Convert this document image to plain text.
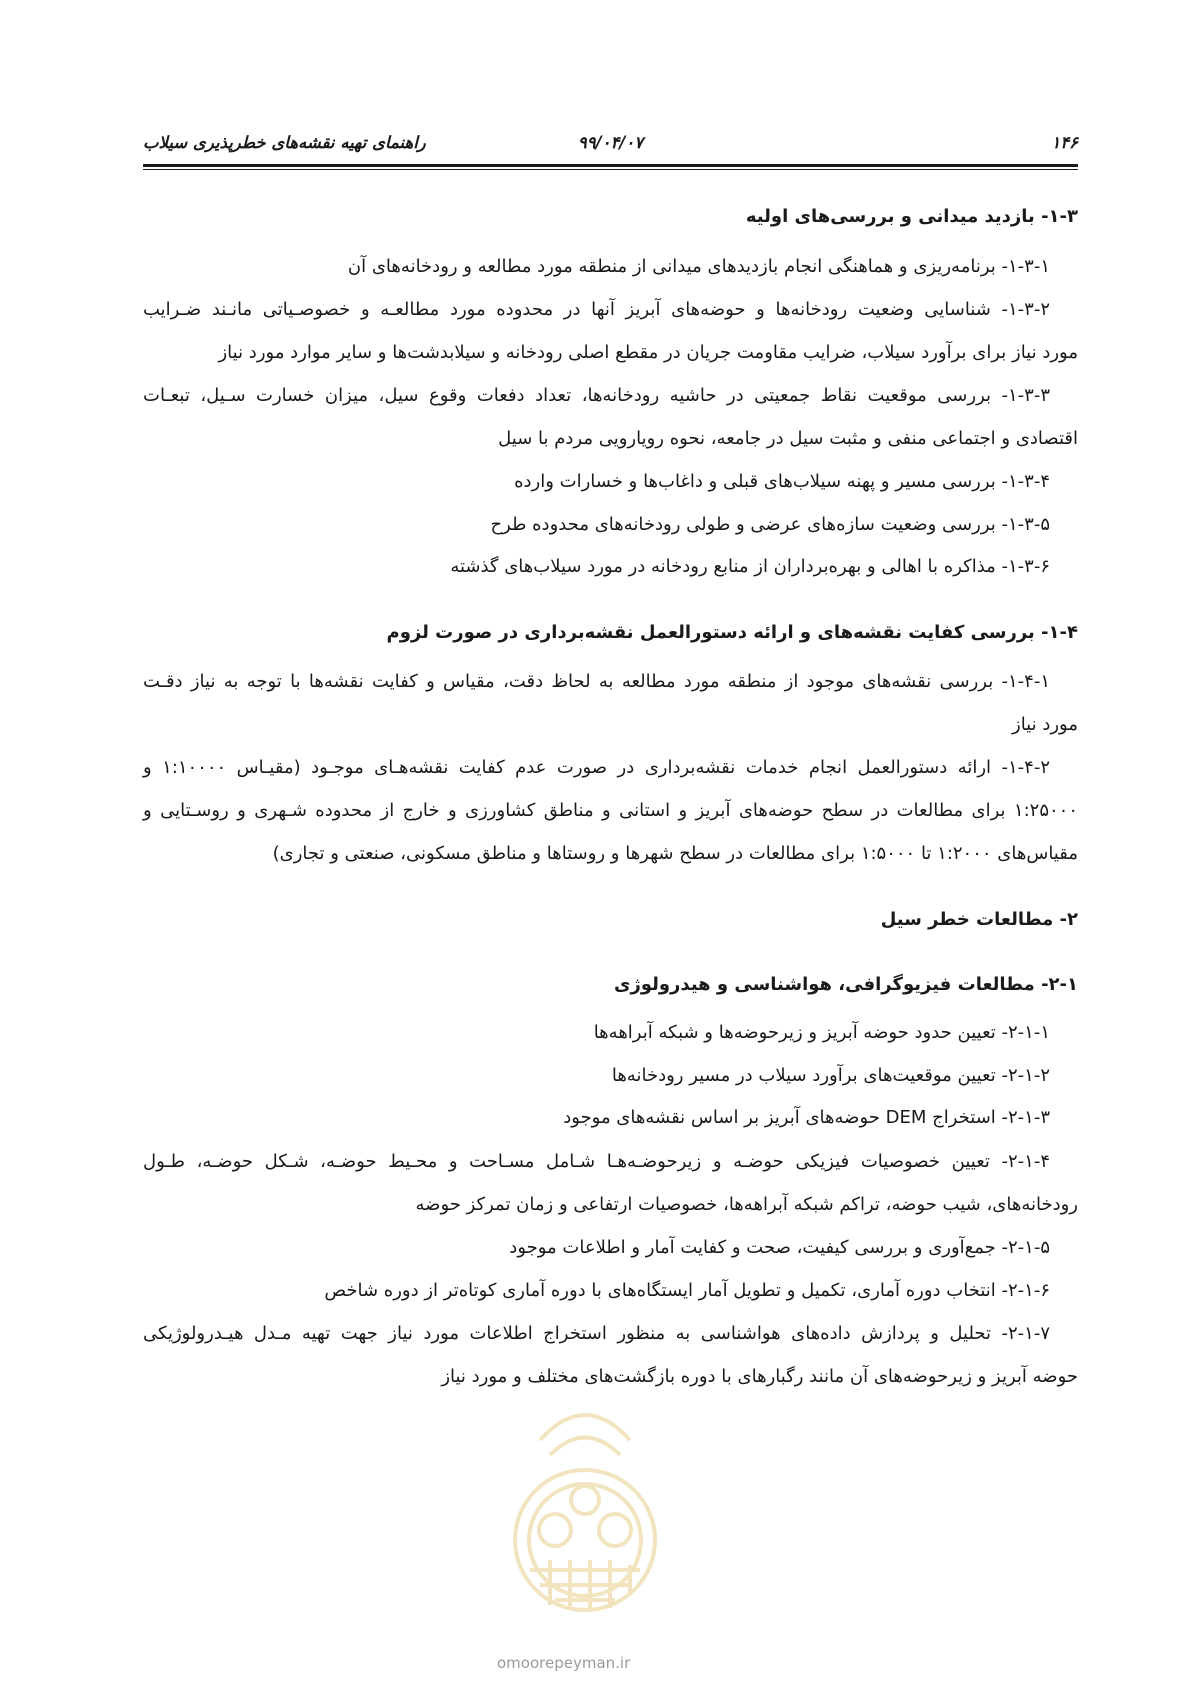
۱۴۶
۹۹/۰۴/۰۷
راهنمای تهیه نقشه‌های خطرپذیری سیلاب
۱-۳- بازدید میدانی و بررسی‌های اولیه
۱-۳-۱- برنامه‌ریزی و هماهنگی انجام بازدیدهای میدانی از منطقه مورد مطالعه و رودخانه‌های آن
۱-۳-۲- شناسایی وضعیت رودخانه‌ها و حوضه‌های آبریز آنها در محدوده مورد مطالعـه و خصوصـیاتی مانـند ضـرایب
مورد نیاز برای برآورد سیلاب، ضرایب مقاومت جریان در مقطع اصلی رودخانه و سیلابدشت‌ها و سایر موارد مورد نیاز
۱-۳-۳- بررسی موقعیت نقاط جمعیتی در حاشیه رودخانه‌ها، تعداد دفعات وقوع سیل، میزان خسارت سـیل، تبعـات
اقتصادی و اجتماعی منفی و مثبت سیل در جامعه، نحوه رویارویی مردم با سیل
۱-۳-۴- بررسی مسیر و پهنه سیلاب‌های قبلی و داغاب‌ها و خسارات وارده
۱-۳-۵- بررسی وضعیت سازه‌های عرضی و طولی رودخانه‌های محدوده طرح
۱-۳-۶- مذاکره با اهالی و بهره‌برداران از منابع رودخانه در مورد سیلاب‌های گذشته
۱-۴- بررسی کفایت نقشه‌های و ارائه دستورالعمل نقشه‌برداری در صورت لزوم
۱-۴-۱- بررسی نقشه‌های موجود از منطقه مورد مطالعه به لحاظ دقت، مقیاس و کفایت نقشه‌ها با توجه به نیاز دقـت
مورد نیاز
۱-۴-۲- ارائه دستورالعمل انجام خدمات نقشه‌برداری در صورت عدم کفایت نقشه‌هـای موجـود (مقیـاس ۱:۱۰۰۰۰ و
۱:۲۵۰۰۰ برای مطالعات در سطح حوضه‌های آبریز و استانی و مناطق کشاورزی و خارج از محدوده شـهری و روسـتایی و
مقیاس‌های ۱:۲۰۰۰ تا ۱:۵۰۰۰ برای مطالعات در سطح شهرها و روستاها و مناطق مسکونی، صنعتی و تجاری)
۲- مطالعات خطر سیل
۲-۱- مطالعات فیزیوگرافی، هواشناسی و هیدرولوژی
۲-۱-۱- تعیین حدود حوضه آبریز و زیرحوضه‌ها و شبکه آبراهه‌ها
۲-۱-۲- تعیین موقعیت‌های برآورد سیلاب در مسیر رودخانه‌ها
۲-۱-۳- استخراج DEM حوضه‌های آبریز بر اساس نقشه‌های موجود
۲-۱-۴- تعیین خصوصیات فیزیکی حوضـه و زیرحوضـه‌هـا شـامل مسـاحت و محـیط حوضـه، شـکل حوضـه، طـول
رودخانه‌های، شیب حوضه، تراکم شبکه آبراهه‌ها، خصوصیات ارتفاعی و زمان تمرکز حوضه
۲-۱-۵- جمع‌آوری و بررسی کیفیت، صحت و کفایت آمار و اطلاعات موجود
۲-۱-۶- انتخاب دوره آماری، تکمیل و تطویل آمار ایستگاه‌های با دوره آماری کوتاه‌تر از دوره شاخص
۲-۱-۷- تحلیل و پردازش داده‌های هواشناسی به منظور استخراج اطلاعات مورد نیاز جهت تهیه مـدل هیـدرولوژیکی
حوضه آبریز و زیرحوضه‌های آن مانند رگبارهای با دوره بازگشت‌های مختلف و مورد نیاز
omoorepeyman.ir
